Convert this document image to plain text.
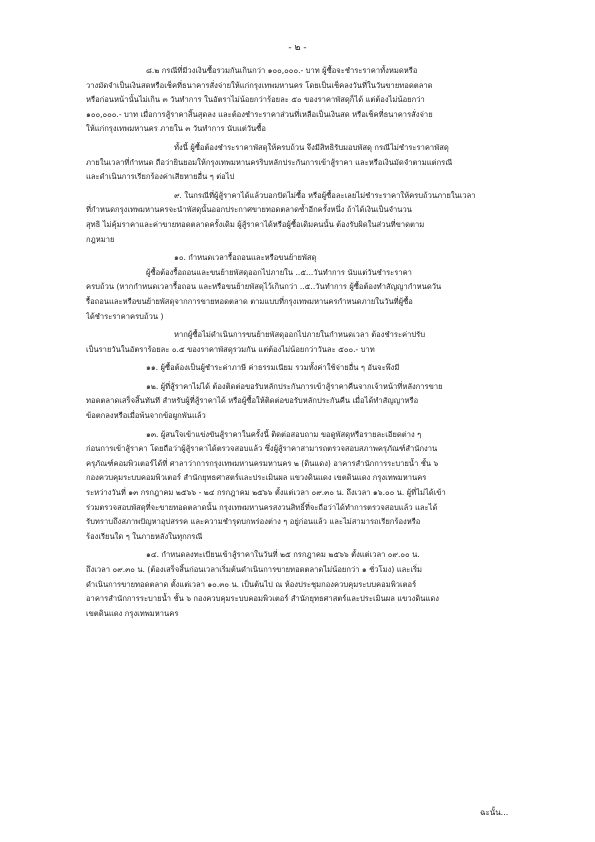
- ๒ -
๘.๒ กรณีที่มีวงเงินซื้อรวมกันเกินกว่า ๑๐๐,๐๐๐.- บาท ผู้ซื้อจะชำระราคาทั้งหมดหรือ
วางมัดจำเป็นเงินสดหรือเช็คที่ธนาคารสั่งจ่ายให้แก่กรุงเทพมหานคร โดยเป็นเช็คลงวันที่ในวันขายทอดตลาด
หรือก่อนหน้านั้นไม่เกิน ๓ วันทำการ ในอัตราไม่น้อยกว่าร้อยละ ๕๐ ของราคาพัสดุก็ได้ แต่ต้องไม่น้อยกว่า
๑๐๐,๐๐๐.- บาท เมื่อการสู้ราคาสิ้นสุดลง และต้องชำระราคาส่วนที่เหลือเป็นเงินสด หรือเช็คที่ธนาคารสั่งจ่าย
ให้แก่กรุงเทพมหานคร ภายใน ๓ วันทำการ นับแต่วันซื้อ
ทั้งนี้ ผู้ซื้อต้องชำระราคาพัสดุให้ครบถ้วน จึงมีสิทธิรับมอบพัสดุ กรณีไม่ชำระราคาพัสดุ
ภายในเวลาที่กำหนด ถือว่ายินยอมให้กรุงเทพมหานครริบหลักประกันการเข้าสู้ราคา และหรือเงินมัดจำตามแต่กรณี
และดำเนินการเรียกร้องค่าเสียหายอื่น ๆ ต่อไป
๙. ในกรณีที่ผู้สู้ราคาได้แล้วบอกปัดไม่ซื้อ หรือผู้ซื้อละเลยไม่ชำระราคาให้ครบถ้วนภายในเวลา
ที่กำหนดกรุงเทพมหานครจะนำพัสดุนั้นออกประกาศขายทอดตลาดซ้ำอีกครั้งหนึ่ง ถ้าได้เงินเป็นจำนวน
สุทธิ ไม่คุ้มราคาและค่าขายทอดตลาดครั้งเดิม ผู้สู้ราคาได้หรือผู้ซื้อเดิมคนนั้น ต้องรับผิดในส่วนที่ขาดตาม
กฎหมาย
๑๐. กำหนดเวลารื้อถอนและหรือขนย้ายพัสดุ
ผู้ซื้อต้องรื้อถอนและขนย้ายพัสดุออกไปภายใน ..๕...วันทำการ นับแต่วันชำระราคา
ครบถ้วน (หากกำหนดเวลารื้อถอน และหรือขนย้ายพัสดุไว้เกินกว่า ..๕..วันทำการ ผู้ซื้อต้องทำสัญญากำหนดวัน
รื้อถอนและหรือขนย้ายพัสดุจากการขายทอดตลาด ตามแบบที่กรุงเทพมหานครกำหนดภายในวันที่ผู้ซื้อ
ได้ชำระราคาครบถ้วน )
หากผู้ซื้อไม่ดำเนินการขนย้ายพัสดุออกไปภายในกำหนดเวลา ต้องชำระค่าปรับ
เป็นรายวันในอัตราร้อยละ ๐.๕ ของราคาพัสดุรวมกัน แต่ต้องไม่น้อยกว่าวันละ ๕๐๐.- บาท
๑๑. ผู้ซื้อต้องเป็นผู้ชำระค่าภาษี ค่าธรรมเนียม รวมทั้งค่าใช้จ่ายอื่น ๆ อันจะพึงมี
๑๒. ผู้ที่สู้ราคาไม่ได้ ต้องติดต่อขอรับหลักประกันการเข้าสู้ราคาคืนจากเจ้าหน้าที่หลังการขาย
ทอดตลาดเสร็จสิ้นทันที สำหรับผู้ที่สู้ราคาได้ หรือผู้ซื้อให้ติดต่อขอรับหลักประกันคืน เมื่อได้ทำสัญญาหรือ
ข้อตกลงหรือเมื่อพ้นจากข้อผูกพันแล้ว
๑๓. ผู้สนใจเข้าแข่งขันสู้ราคาในครั้งนี้ ติดต่อสอบถาม ขอดูพัสดุหรือรายละเอียดต่าง ๆ
ก่อนการเข้าสู้ราคา โดยถือว่าผู้สู้ราคาได้ตรวจสอบแล้ว ซึ่งผู้สู้ราคาสามารถตรวจสอบสภาพครุภัณฑ์สำนักงาน
ครุภัณฑ์คอมพิวเตอร์ได้ที่ ศาลาว่าการกรุงเทพมหานครมหานคร ๒ (ดินแดง) อาคารสำนักการระบายน้ำ ชั้น ๖
กองควบคุมระบบคอมพิวเตอร์ สำนักยุทธศาสตร์และประเมินผล แขวงดินแดง เขตดินแดง กรุงเทพมหานคร
ระหว่างวันที่ ๑๓ กรกฎาคม ๒๕๖๖ - ๒๔ กรกฎาคม ๒๕๖๖ ตั้งแต่เวลา ๐๙.๓๐ น. ถึงเวลา ๑๖.๐๐ น. ผู้ที่ไม่ได้เข้า
ร่วมตรวจสอบพัสดุที่จะขายทอดตลาดนั้น กรุงเทพมหานครสงวนสิทธิ์ที่จะถือว่าได้ทำการตรวจสอบแล้ว และได้
รับทราบถึงสภาพปัญหาอุปสรรค และความชำรุดบกพร่องต่าง ๆ อยู่ก่อนแล้ว และไม่สามารถเรียกร้องหรือ
ร้องเรียนใด ๆ ในภายหลังในทุกกรณี
๑๔. กำหนดลงทะเบียนเข้าสู้ราคาในวันที่ ๒๕ กรกฎาคม ๒๕๖๖ ตั้งแต่เวลา ๐๙.๐๐ น.
ถึงเวลา ๐๙.๓๐ น. (ต้องเสร็จสิ้นก่อนเวลาเริ่มต้นดำเนินการขายทอดตลาดไม่น้อยกว่า ๑ ชั่วโมง) และเริ่ม
ดำเนินการขายทอดตลาด ตั้งแต่เวลา ๑๐.๓๐ น. เป็นต้นไป ณ ห้องประชุมกองควบคุมระบบคอมพิวเตอร์
อาคารสำนักการระบายน้ำ ชั้น ๖ กองควบคุมระบบคอมพิวเตอร์ สำนักยุทธศาสตร์และประเมินผล แขวงดินแดง
เขตดินแดง กรุงเทพมหานคร
ฉะนั้น...
